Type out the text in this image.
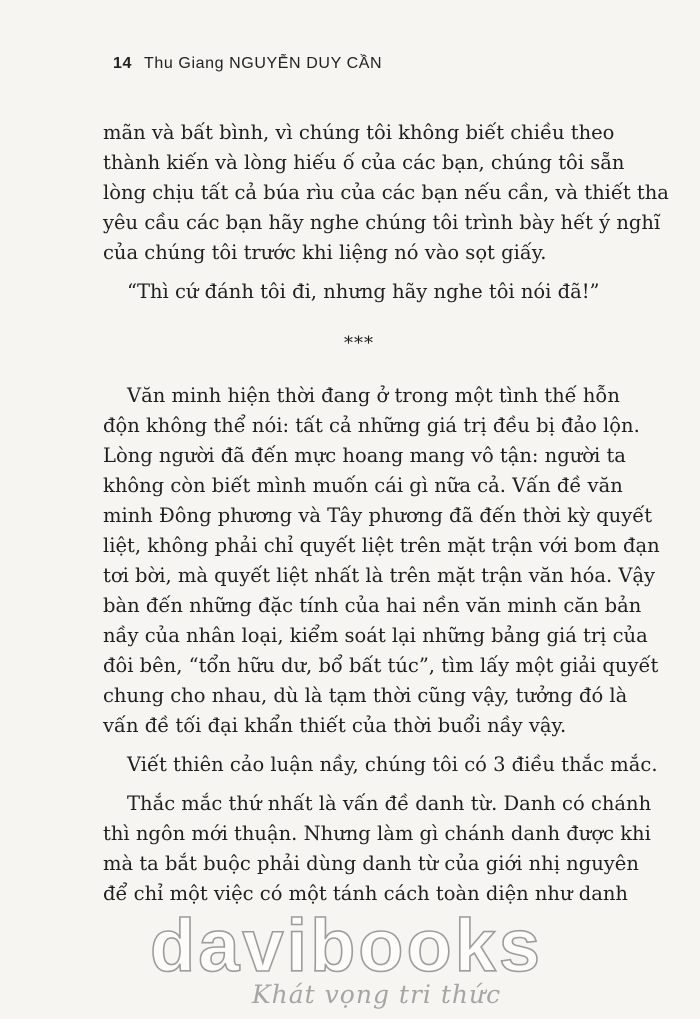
14 Thu Giang NGUYỄN DUY CẦN
mãn và bất bình, vì chúng tôi không biết chiều theo
thành kiến và lòng hiếu ố của các bạn, chúng tôi sẵn
lòng chịu tất cả búa rìu của các bạn nếu cần, và thiết tha
yêu cầu các bạn hãy nghe chúng tôi trình bày hết ý nghĩ
của chúng tôi trước khi liệng nó vào sọt giấy.
“Thì cứ đánh tôi đi, nhưng hãy nghe tôi nói đã!”
***
Văn minh hiện thời đang ở trong một tình thế hỗn
độn không thể nói: tất cả những giá trị đều bị đảo lộn.
Lòng người đã đến mực hoang mang vô tận: người ta
không còn biết mình muốn cái gì nữa cả. Vấn đề văn
minh Đông phương và Tây phương đã đến thời kỳ quyết
liệt, không phải chỉ quyết liệt trên mặt trận với bom đạn
tơi bời, mà quyết liệt nhất là trên mặt trận văn hóa. Vậy
bàn đến những đặc tính của hai nền văn minh căn bản
nầy của nhân loại, kiểm soát lại những bảng giá trị của
đôi bên, “tổn hữu dư, bổ bất túc”, tìm lấy một giải quyết
chung cho nhau, dù là tạm thời cũng vậy, tưởng đó là
vấn đề tối đại khẩn thiết của thời buổi nầy vậy.
Viết thiên cảo luận nầy, chúng tôi có 3 điều thắc mắc.
Thắc mắc thứ nhất là vấn đề danh từ. Danh có chánh
thì ngôn mới thuận. Nhưng làm gì chánh danh được khi
mà ta bắt buộc phải dùng danh từ của giới nhị nguyên
để chỉ một việc có một tánh cách toàn diện như danh
davibooks
Khát vọng tri thức
